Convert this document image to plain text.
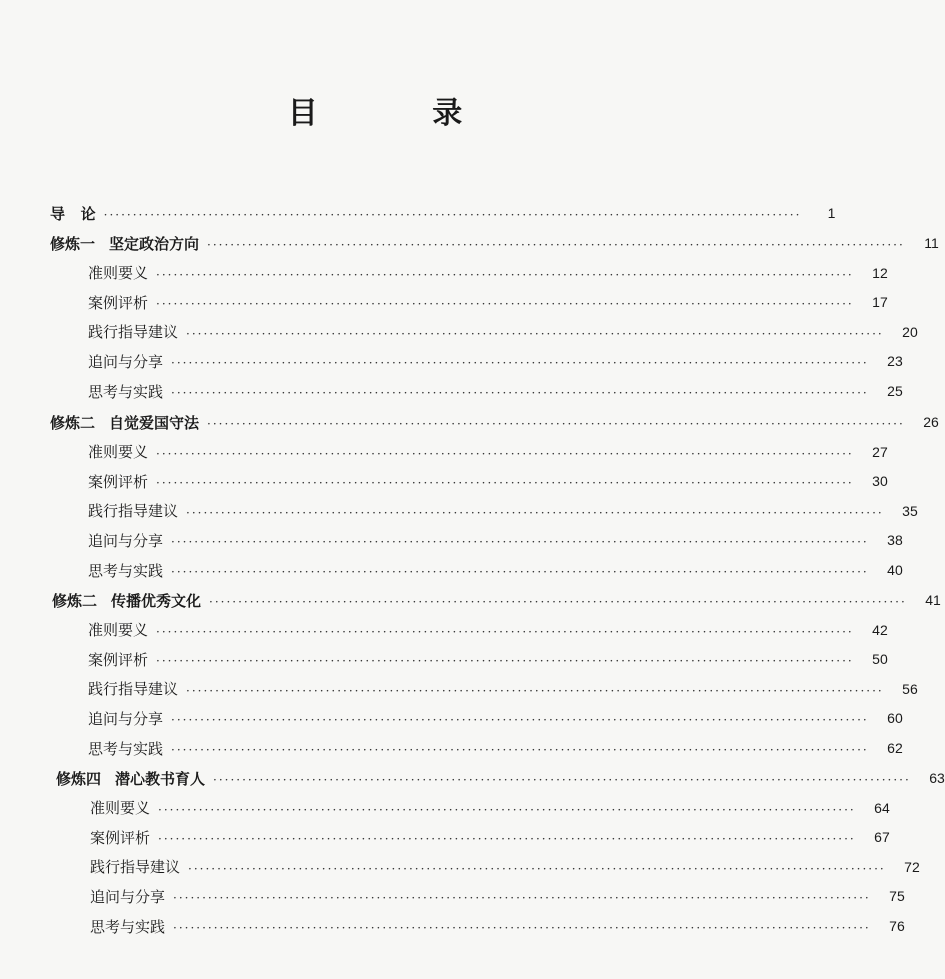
目 录
导   论 ························································································································	1
修炼一 坚定政治方向 ························································································································	11
准则要义 ························································································································	12
案例评析 ························································································································	17
践行指导建议 ························································································································	20
追问与分享 ························································································································	23
思考与实践 ························································································································	25
修炼二 自觉爱国守法 ························································································································	26
准则要义 ························································································································	27
案例评析 ························································································································	30
践行指导建议 ························································································································	35
追问与分享 ························································································································	38
思考与实践 ························································································································	40
修炼二 传播优秀文化 ························································································································	41
准则要义 ························································································································	42
案例评析 ························································································································	50
践行指导建议 ························································································································	56
追问与分享 ························································································································	60
思考与实践 ························································································································	62
修炼四 潜心教书育人 ························································································································	63
准则要义 ························································································································	64
案例评析 ························································································································	67
践行指导建议 ························································································································	72
追问与分享 ························································································································	75
思考与实践 ························································································································	76
